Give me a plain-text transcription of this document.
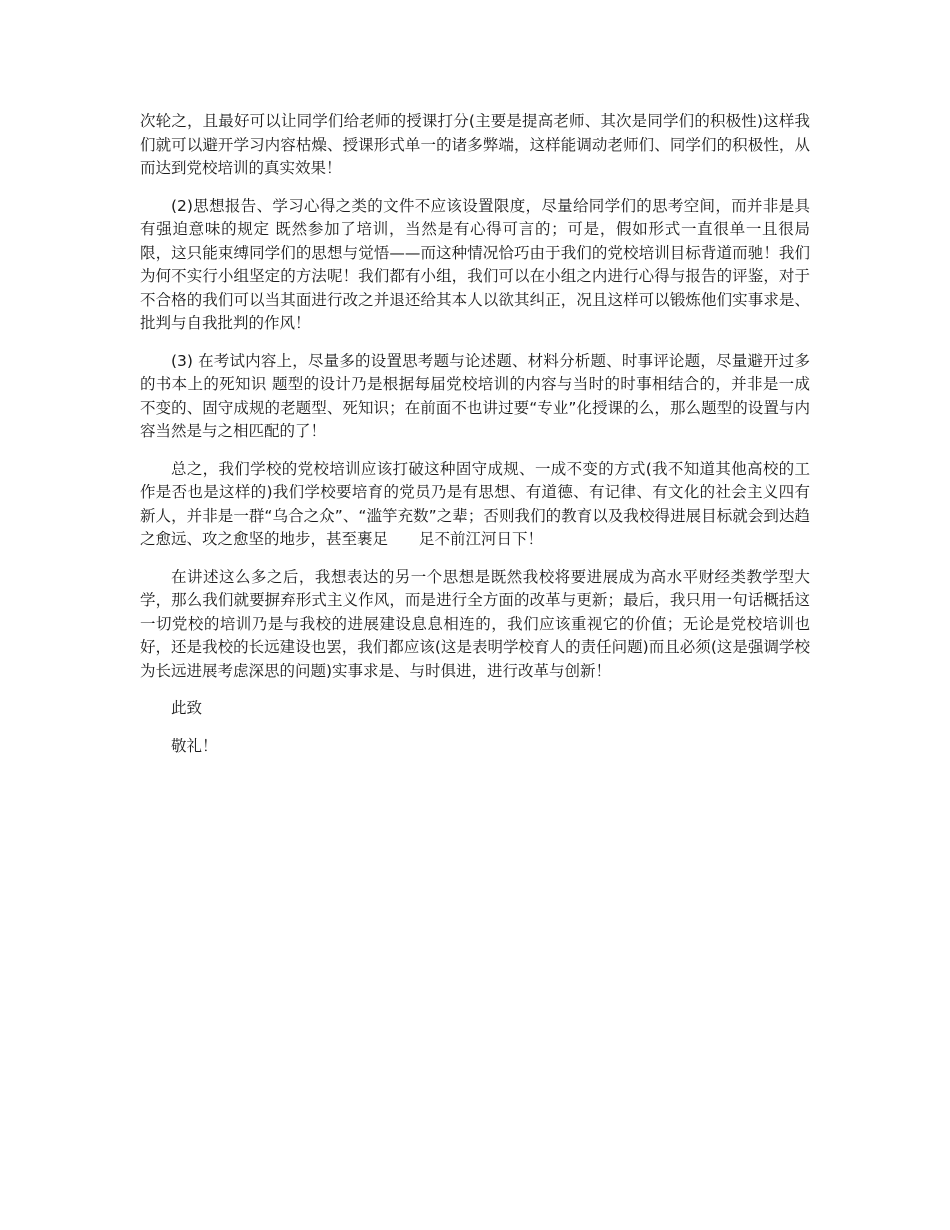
次轮之，且最好可以让同学们给老师的授课打分(主要是提高老师、其次是同学们的积极性)这样我们就可以避开学习内容枯燥、授课形式单一的诸多弊端，这样能调动老师们、同学们的积极性，从而达到党校培训的真实效果！

(2)思想报告、学习心得之类的文件不应该设置限度，尽量给同学们的思考空间，而并非是具有强迫意味的规定 既然参加了培训，当然是有心得可言的；可是，假如形式一直很单一且很局限，这只能束缚同学们的思想与觉悟——而这种情况恰巧由于我们的党校培训目标背道而驰！我们为何不实行小组坚定的方法呢！我们都有小组，我们可以在小组之内进行心得与报告的评鉴，对于不合格的我们可以当其面进行改之并退还给其本人以欲其纠正，况且这样可以锻炼他们实事求是、批判与自我批判的作风！

(3) 在考试内容上，尽量多的设置思考题与论述题、材料分析题、时事评论题，尽量避开过多的书本上的死知识 题型的设计乃是根据每届党校培训的内容与当时的时事相结合的，并非是一成不变的、固守成规的老题型、死知识；在前面不也讲过要“专业”化授课的么，那么题型的设置与内容当然是与之相匹配的了！

总之，我们学校的党校培训应该打破这种固守成规、一成不变的方式(我不知道其他高校的工作是否也是这样的)我们学校要培育的党员乃是有思想、有道德、有记律、有文化的社会主义四有新人，并非是一群“乌合之众”、“滥竽充数”之辈；否则我们的教育以及我校得进展目标就会到达趋之愈远、攻之愈坚的地步，甚至裹足　　足不前江河日下！

在讲述这么多之后，我想表达的另一个思想是既然我校将要进展成为高水平财经类教学型大学，那么我们就要摒弃形式主义作风，而是进行全方面的改革与更新；最后，我只用一句话概括这一切党校的培训乃是与我校的进展建设息息相连的，我们应该重视它的价值；无论是党校培训也好，还是我校的长远建设也罢，我们都应该(这是表明学校育人的责任问题)而且必须(这是强调学校为长远进展考虑深思的问题)实事求是、与时俱进，进行改革与创新！

此致

敬礼！
